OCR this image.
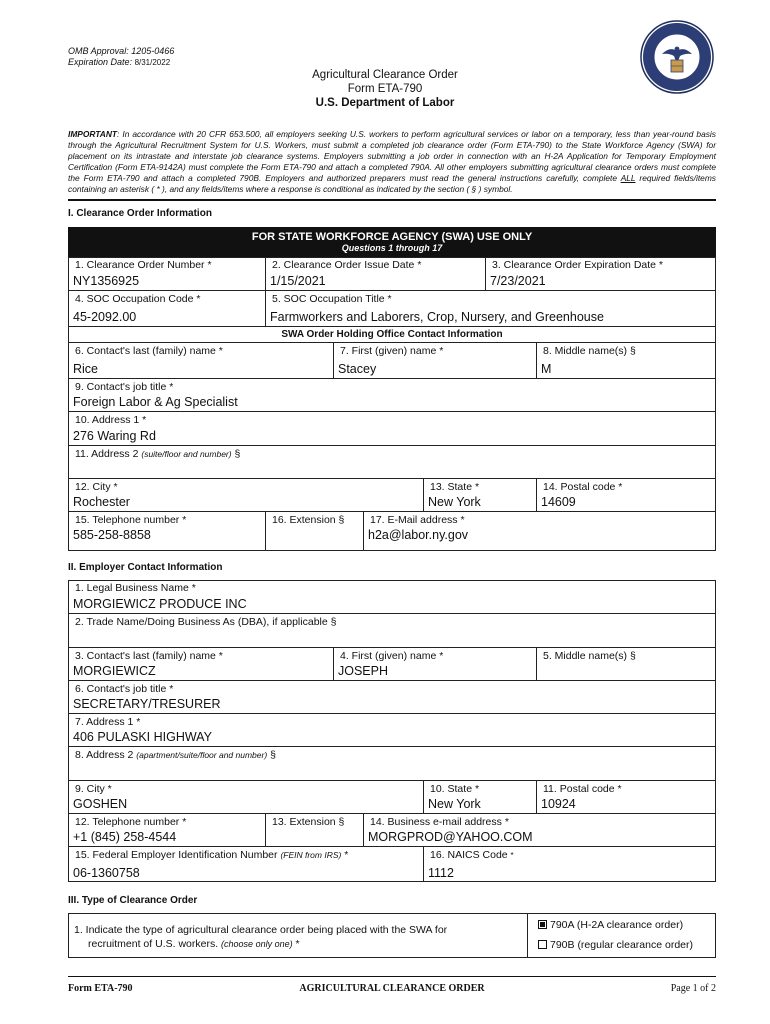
OMB Approval: 1205-0466
Expiration Date: 8/31/2022
Agricultural Clearance Order
Form ETA-790
U.S. Department of Labor
IMPORTANT: In accordance with 20 CFR 653.500, all employers seeking U.S. workers to perform agricultural services or labor on a temporary, less than year-round basis through the Agricultural Recruitment System for U.S. Workers, must submit a completed job clearance order (Form ETA-790) to the State Workforce Agency (SWA) for placement on its intrastate and interstate job clearance systems. Employers submitting a job order in connection with an H-2A Application for Temporary Employment Certification (Form ETA-9142A) must complete the Form ETA-790 and attach a completed 790A. All other employers submitting agricultural clearance orders must complete the Form ETA-790 and attach a completed 790B. Employers and authorized preparers must read the general instructions carefully, complete ALL required fields/items containing an asterisk ( * ), and any fields/items where a response is conditional as indicated by the section ( § ) symbol.
I. Clearance Order Information
FOR STATE WORKFORCE AGENCY (SWA) USE ONLY
Questions 1 through 17
1. Clearance Order Number *
NY1356925
2. Clearance Order Issue Date *
1/15/2021
3. Clearance Order Expiration Date *
7/23/2021
4. SOC Occupation Code *
45-2092.00
5. SOC Occupation Title *
Farmworkers and Laborers, Crop, Nursery, and Greenhouse
SWA Order Holding Office Contact Information
6. Contact's last (family) name *
Rice
7. First (given) name *
Stacey
8. Middle name(s) §
M
9. Contact's job title *
Foreign Labor & Ag Specialist
10. Address 1 *
276 Waring Rd
11. Address 2 (suite/floor and number) §
12. City *
Rochester
13. State *
New York
14. Postal code *
14609
15. Telephone number *
585-258-8858
16. Extension § 17. E-Mail address *
h2a@labor.ny.gov
II. Employer Contact Information
1. Legal Business Name *
MORGIEWICZ PRODUCE INC
2. Trade Name/Doing Business As (DBA), if applicable §
3. Contact's last (family) name *
MORGIEWICZ
4. First (given) name *
JOSEPH
5. Middle name(s) §
6. Contact's job title *
SECRETARY/TRESURER
7. Address 1 *
406 PULASKI HIGHWAY
8. Address 2 (apartment/suite/floor and number) §
9. City *
GOSHEN
10. State *
New York
11. Postal code *
10924
12. Telephone number *
+1 (845) 258-4544
13. Extension § 14. Business e-mail address *
MORGPROD@YAHOO.COM
15. Federal Employer Identification Number (FEIN from IRS) *
06-1360758
16. NAICS Code *
1112
III. Type of Clearance Order
1. Indicate the type of agricultural clearance order being placed with the SWA for
recruitment of U.S. workers. (choose only one) *
790A (H-2A clearance order)
790B (regular clearance order)
Form ETA-790	AGRICULTURAL CLEARANCE ORDER	Page 1 of 2
